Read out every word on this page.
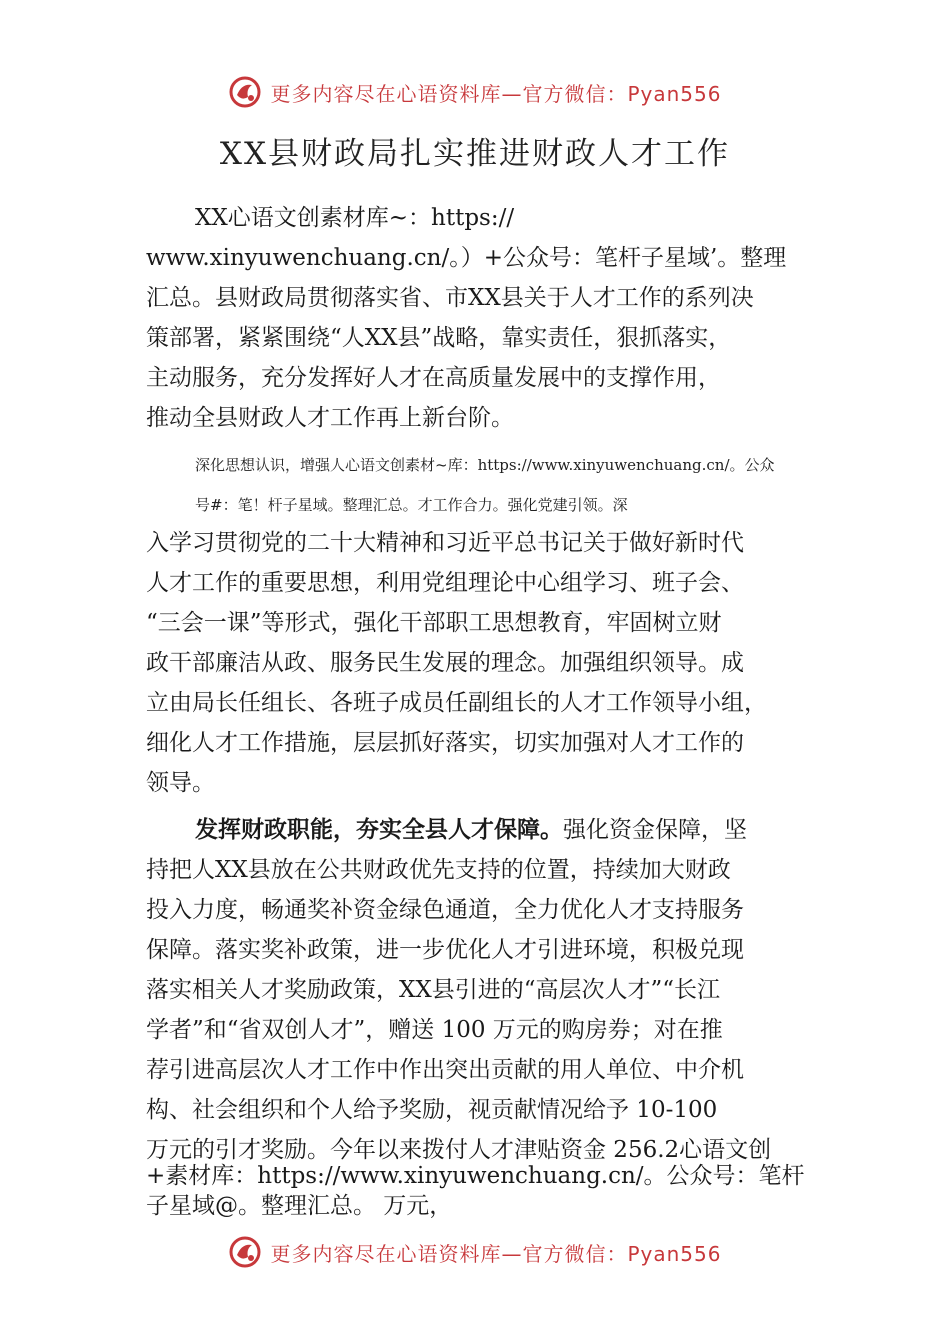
更多内容尽在心语资料库—官方微信：Pyan556
XX县财政局扎实推进财政人才工作
XX心语文创素材库~：https://
www.xinyuwenchuang.cn/。）+公众号：笔杆子星域’。整理
汇总。县财政局贯彻落实省、市XX县关于人才工作的系列决
策部署，紧紧围绕“人XX县”战略，靠实责任，狠抓落实，
主动服务，充分发挥好人才在高质量发展中的支撑作用，
推动全县财政人才工作再上新台阶。
深化思想认识，增强人心语文创素材~库：https://www.xinyuwenchuang.cn/。公众
号#：笔！杆子星域。整理汇总。才工作合力。强化党建引领。深
入学习贯彻党的二十大精神和习近平总书记关于做好新时代
人才工作的重要思想，利用党组理论中心组学习、班子会、
“三会一课”等形式，强化干部职工思想教育，牢固树立财
政干部廉洁从政、服务民生发展的理念。加强组织领导。成
立由局长任组长、各班子成员任副组长的人才工作领导小组，
细化人才工作措施，层层抓好落实，切实加强对人才工作的
领导。
发挥财政职能，夯实全县人才保障。强化资金保障，坚
持把人XX县放在公共财政优先支持的位置，持续加大财政
投入力度，畅通奖补资金绿色通道，全力优化人才支持服务
保障。落实奖补政策，进一步优化人才引进环境，积极兑现
落实相关人才奖励政策，XX县引进的“高层次人才”“长江
学者”和“省双创人才”，赠送 100 万元的购房券；对在推
荐引进高层次人才工作中作出突出贡献的用人单位、中介机
构、社会组织和个人给予奖励，视贡献情况给予 10-100
万元的引才奖励。今年以来拨付人才津贴资金 256.2心语文创
+素材库：https://www.xinyuwenchuang.cn/。公众号：笔杆
子星域@。整理汇总。 万元，
更多内容尽在心语资料库—官方微信：Pyan556
